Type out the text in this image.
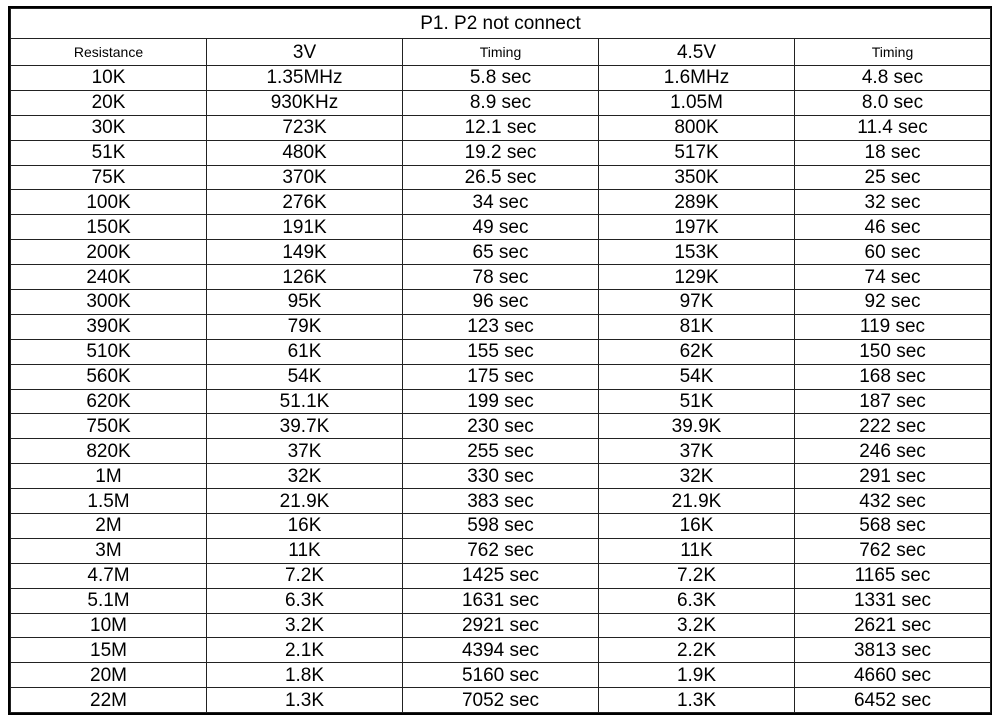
P1. P2 not connect				
Resistance	3V	Timing	4.5V	Timing
10K	1.35MHz	5.8 sec	1.6MHz	4.8 sec
20K	930KHz	8.9 sec	1.05M	8.0 sec
30K	723K	12.1 sec	800K	11.4 sec
51K	480K	19.2 sec	517K	18 sec
75K	370K	26.5 sec	350K	25 sec
100K	276K	34 sec	289K	32 sec
150K	191K	49 sec	197K	46 sec
200K	149K	65 sec	153K	60 sec
240K	126K	78 sec	129K	74 sec
300K	95K	96 sec	97K	92 sec
390K	79K	123 sec	81K	119 sec
510K	61K	155 sec	62K	150 sec
560K	54K	175 sec	54K	168 sec
620K	51.1K	199 sec	51K	187 sec
750K	39.7K	230 sec	39.9K	222 sec
820K	37K	255 sec	37K	246 sec
1M	32K	330 sec	32K	291 sec
1.5M	21.9K	383 sec	21.9K	432 sec
2M	16K	598 sec	16K	568 sec
3M	11K	762 sec	11K	762 sec
4.7M	7.2K	1425 sec	7.2K	1165 sec
5.1M	6.3K	1631 sec	6.3K	1331 sec
10M	3.2K	2921 sec	3.2K	2621 sec
15M	2.1K	4394 sec	2.2K	3813 sec
20M	1.8K	5160 sec	1.9K	4660 sec
22M	1.3K	7052 sec	1.3K	6452 sec
